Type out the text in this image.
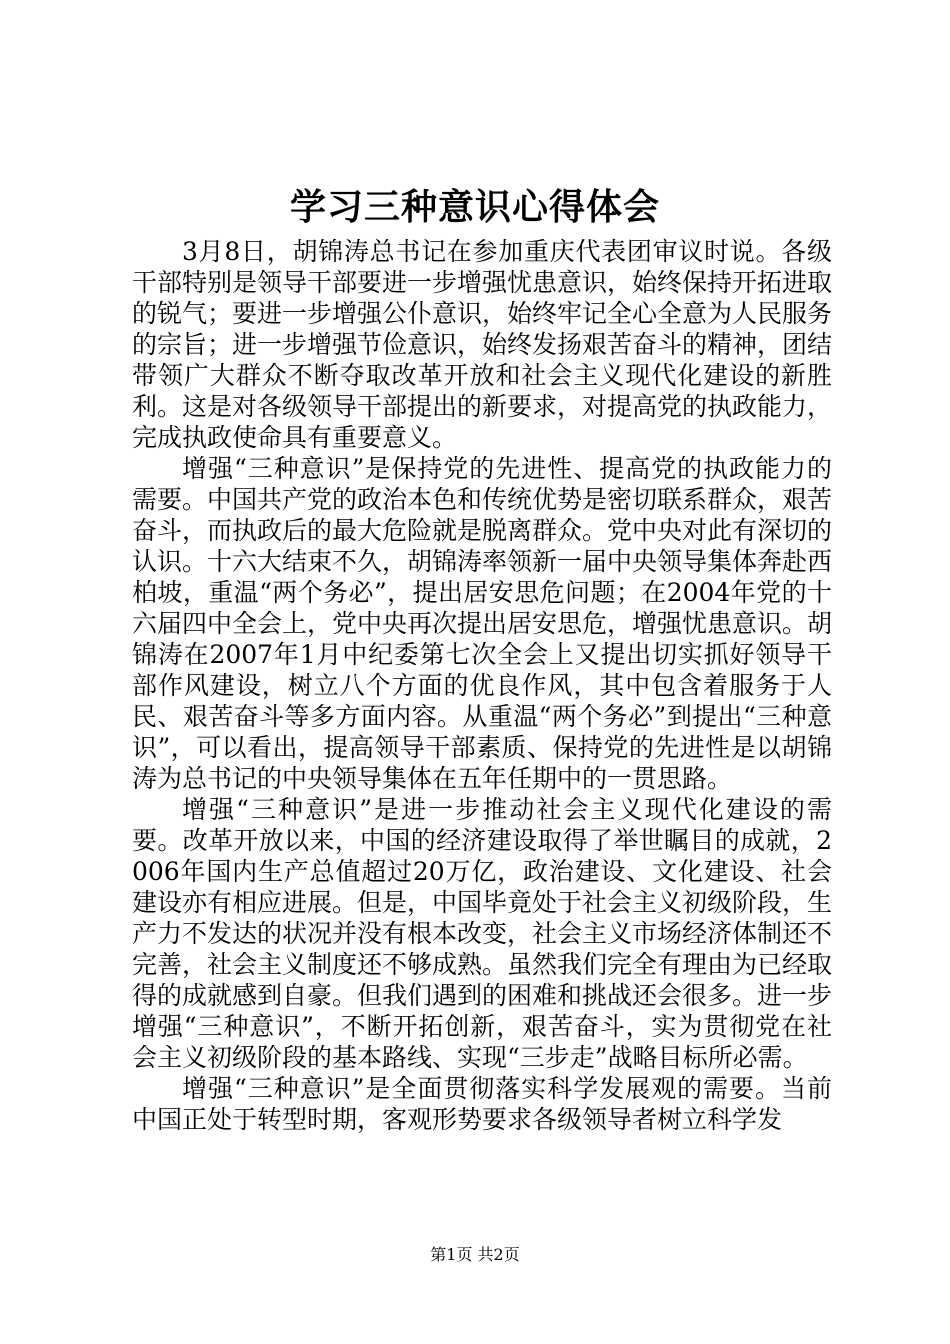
学习三种意识心得体会

3月8日，胡锦涛总书记在参加重庆代表团审议时说。各级干部特别是领导干部要进一步增强忧患意识，始终保持开拓进取的锐气；要进一步增强公仆意识，始终牢记全心全意为人民服务的宗旨；进一步增强节俭意识，始终发扬艰苦奋斗的精神，团结带领广大群众不断夺取改革开放和社会主义现代化建设的新胜利。这是对各级领导干部提出的新要求，对提高党的执政能力，完成执政使命具有重要意义。

增强“三种意识”是保持党的先进性、提高党的执政能力的需要。中国共产党的政治本色和传统优势是密切联系群众，艰苦奋斗，而执政后的最大危险就是脱离群众。党中央对此有深切的认识。十六大结束不久，胡锦涛率领新一届中央领导集体奔赴西柏坡，重温“两个务必”，提出居安思危问题；在2004年党的十六届四中全会上，党中央再次提出居安思危，增强忧患意识。胡锦涛在2007年1月中纪委第七次全会上又提出切实抓好领导干部作风建设，树立八个方面的优良作风，其中包含着服务于人民、艰苦奋斗等多方面内容。从重温“两个务必”到提出“三种意识”，可以看出，提高领导干部素质、保持党的先进性是以胡锦涛为总书记的中央领导集体在五年任期中的一贯思路。

增强“三种意识”是进一步推动社会主义现代化建设的需要。改革开放以来，中国的经济建设取得了举世瞩目的成就，2006年国内生产总值超过20万亿，政治建设、文化建设、社会建设亦有相应进展。但是，中国毕竟处于社会主义初级阶段，生产力不发达的状况并没有根本改变，社会主义市场经济体制还不完善，社会主义制度还不够成熟。虽然我们完全有理由为已经取得的成就感到自豪。但我们遇到的困难和挑战还会很多。进一步增强“三种意识”，不断开拓创新，艰苦奋斗，实为贯彻党在社会主义初级阶段的基本路线、实现“三步走”战略目标所必需。

增强“三种意识”是全面贯彻落实科学发展观的需要。当前中国正处于转型时期，客观形势要求各级领导者树立科学发

第1页 共2页
